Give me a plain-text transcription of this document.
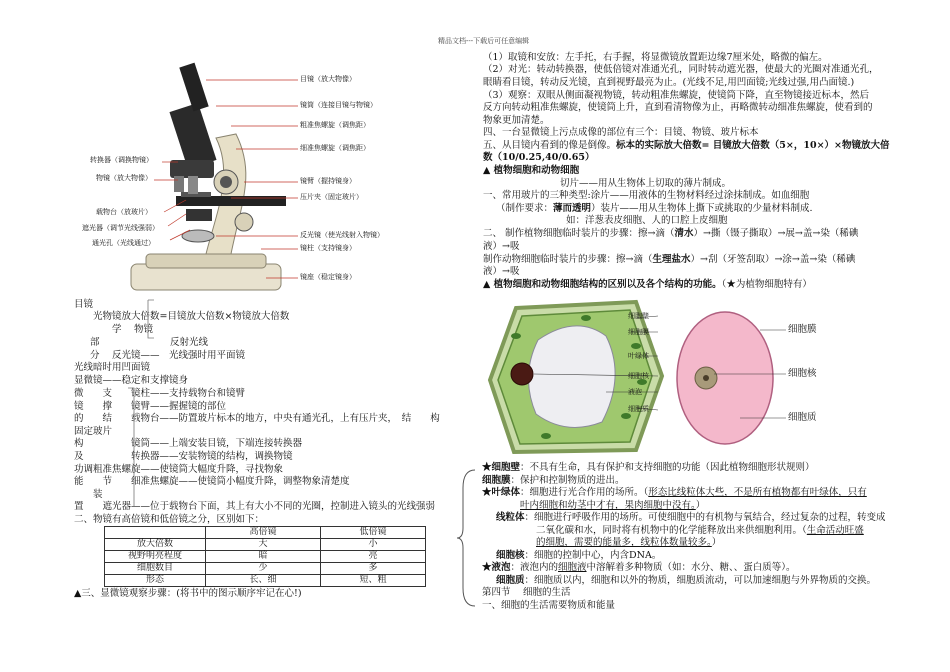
精品文档---下载后可任意编辑
目镜（放大物像）
镜筒（连接目镜与物镜）
粗准焦螺旋（调焦距）
细准焦螺旋（调焦距）
镜臂（握持镜身）
压片夹（固定玻片）
反光镜（使光线射入物镜）
镜柱（支持镜身）
镜座（稳定镜身）
转换器（调换物镜）
物镜（放大物像）
载物台（放玻片）
遮光器（调节光线强弱）
通光孔（光线通过）
目镜
光物镜放大倍数=目镜放大倍数×物镜放大倍数
学　 物镜
部	反射光线
分　 反光镜——　光线强时用平面镜
光线暗时用凹面镜
显微镜——稳定和支撑镜身
微　　支　　镜柱——支持载物台和镜臂
镜　　撑　　镜臂——握握镜的部位
的　　结　　载物台——防置玻片标本的地方，中央有通光孔，上有压片夹，　结　　构
固定玻片
构　　　　　镜筒——上端安装目镜，下端连接转换器
及　　　　　转换器——安装物镜的结构，调换物镜
功调粗准焦螺旋——使镜筒大幅度升降，寻找物象
能　　节　　细准焦螺旋——使镜筒小幅度升降，调整物象清楚度
　　装
置　　遮光器——位于载物台下面，其上有大小不同的光圈，控制进入镜头的光线强弱
二、物镜有高倍镜和低倍镜之分，区别如下：
	高倍镜	低倍镜
放大倍数	大	小
视野明亮程度	暗	亮
细胞数目	少	多
形态	长、细	短、粗
▲三、显微镜观察步骤：(将书中的图示顺序牢记在心!)
（1）取镜和安放：左手托，右手握，将显微镜放置距边缘7厘米处，略微的偏左。
（2）对光：转动转换器，使低倍镜对准通光孔，同时转动遮光器，使最大的光圈对准通光孔，
眼睛看目镜，转动反光镜，直到视野最亮为止。(光线不足,用凹面镜;光线过强,用凸面镜.)
（3）观察：双眼从侧面凝视物镜，转动粗准焦螺旋，使镜筒下降，直至物镜接近标本，然后
反方向转动粗准焦螺旋，使镜筒上升，直到看清物像为止，再略微转动细准焦螺旋，使看到的
物象更加清楚。
四、一台显微镜上污点成像的部位有三个：目镜、物镜、玻片标本
五、从目镜内看到的像是倒像。标本的实际放大倍数= 目镜放大倍数（5×，10×）×物镜放大倍
数（10/0.25,40/0.65）
▲ 植物细胞和动物细胞
切片——用从生物体上切取的薄片制成。
一、常用玻片的三种类型:涂片——用液体的生物材料经过涂抹制成。如血细胞
（制作要求：薄而透明）装片——用从生物体上撕下或挑取的少量材料制成.
如：洋葱表皮细胞、人的口腔上皮细胞
二、 制作植物细胞临时装片的步骤：擦→滴（清水）→撕（镊子撕取）→展→盖→染（稀碘
液）→吸
制作动物细胞临时装片的步骤：擦→滴（生理盐水）→刮（牙签刮取）→涂→盖→染（稀碘
液）→吸
▲ 植物细胞和动物细胞结构的区别以及各个结构的功能。（★为植物细胞特有）
细胞壁
细胞膜
叶绿体
细胞核
液泡
细胞质
细胞膜
细胞核
细胞质
★细胞壁：不具有生命，具有保护和支持细胞的功能（因此植物细胞形状规则）
细胞膜：保护和控制物质的进出。
★叶绿体：细胞进行光合作用的场所。（形态比线粒体大些，不是所有植物都有叶绿体，只有
叶内细胞和幼茎中才有，果肉细胞中没有。）
线粒体：细胞进行呼吸作用的场所。可使细胞中的有机物与氧结合，经过复杂的过程，转变成
二氧化碳和水，同时将有机物中的化学能释放出来供细胞利用。（生命活动旺盛
的细胞，需要的能量多，线粒体数量较多。）
细胞核：细胞的控制中心，内含DNA。
★液泡：液泡内的细胞液中溶解着多种物质（如：水分、糖、、蛋白质等）。
细胞质：细胞质以内，细胞和以外的物质，细胞质流动，可以加速细胞与外界物质的交换。
第四节　 细胞的生活
一、细胞的生活需要物质和能量
